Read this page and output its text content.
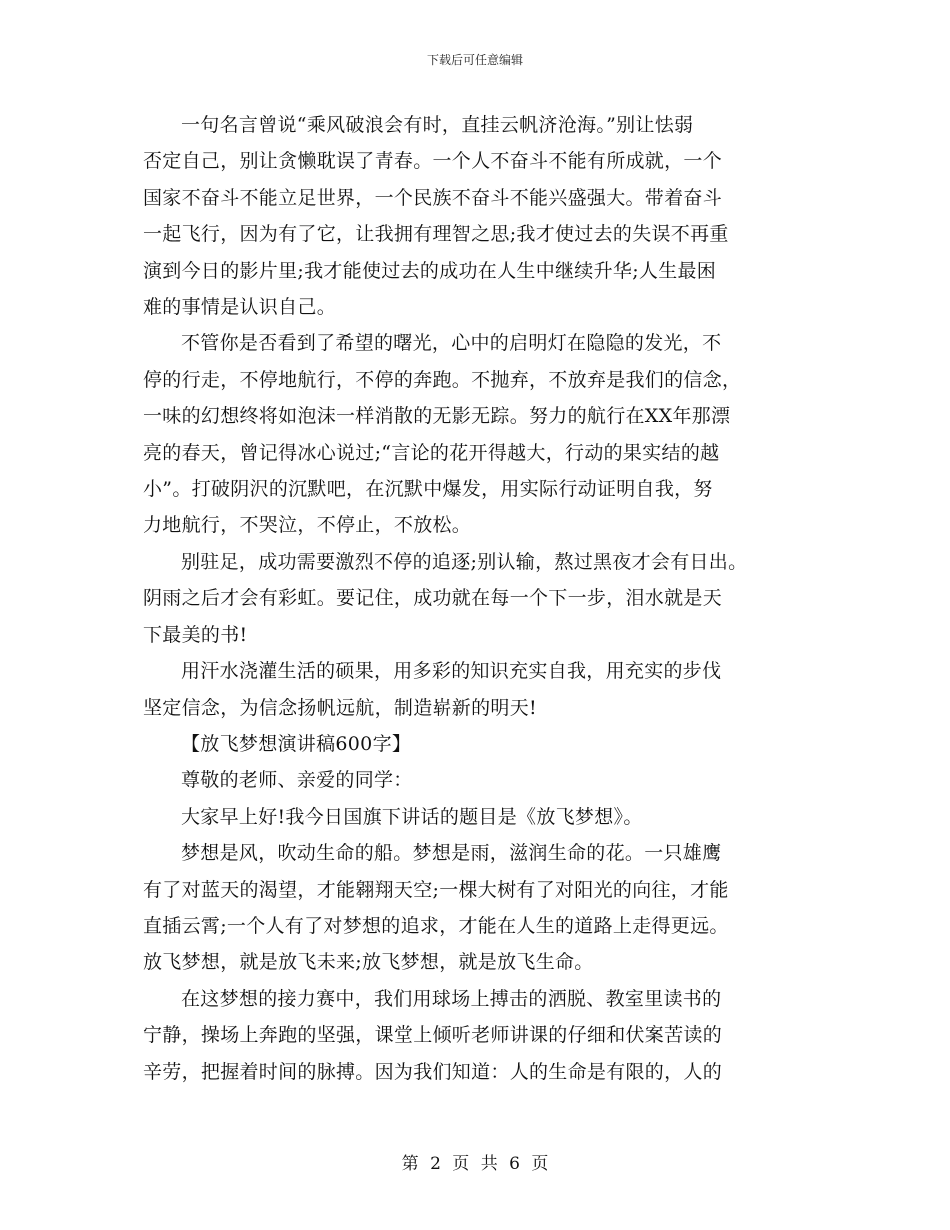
下载后可任意编辑

一句名言曾说“乘风破浪会有时，直挂云帆济沧海。”别让怯弱
否定自己，别让贪懒耽误了青春。一个人不奋斗不能有所成就，一个
国家不奋斗不能立足世界，一个民族不奋斗不能兴盛强大。带着奋斗
一起飞行，因为有了它，让我拥有理智之思;我才使过去的失误不再重
演到今日的影片里;我才能使过去的成功在人生中继续升华;人生最困
难的事情是认识自己。

不管你是否看到了希望的曙光，心中的启明灯在隐隐的发光，不
停的行走，不停地航行，不停的奔跑。不抛弃，不放弃是我们的信念，
一味的幻想终将如泡沫一样消散的无影无踪。努力的航行在XX年那漂
亮的春天，曾记得冰心说过;“言论的花开得越大，行动的果实结的越
小”。打破阴沢的沉默吧，在沉默中爆发，用实际行动证明自我，努
力地航行，不哭泣，不停止，不放松。

别驻足，成功需要激烈不停的追逐;别认输，熬过黑夜才会有日出。
阴雨之后才会有彩虹。要记住，成功就在每一个下一步，泪水就是天
下最美的书!

用汗水浇灌生活的硕果，用多彩的知识充实自我，用充实的步伐
坚定信念，为信念扬帆远航，制造崭新的明天!

【放飞梦想演讲稿600字】

尊敬的老师、亲爱的同学：

大家早上好!我今日国旗下讲话的题目是《放飞梦想》。

梦想是风，吹动生命的船。梦想是雨，滋润生命的花。一只雄鹰
有了对蓝天的渴望，才能翱翔天空;一棵大树有了对阳光的向往，才能
直插云霄;一个人有了对梦想的追求，才能在人生的道路上走得更远。
放飞梦想，就是放飞未来;放飞梦想，就是放飞生命。

在这梦想的接力赛中，我们用球场上搏击的洒脱、教室里读书的
宁静，操场上奔跑的坚强，课堂上倾听老师讲课的仔细和伏案苦读的
辛劳，把握着时间的脉搏。因为我们知道：人的生命是有限的，人的

第 2 页 共 6 页
